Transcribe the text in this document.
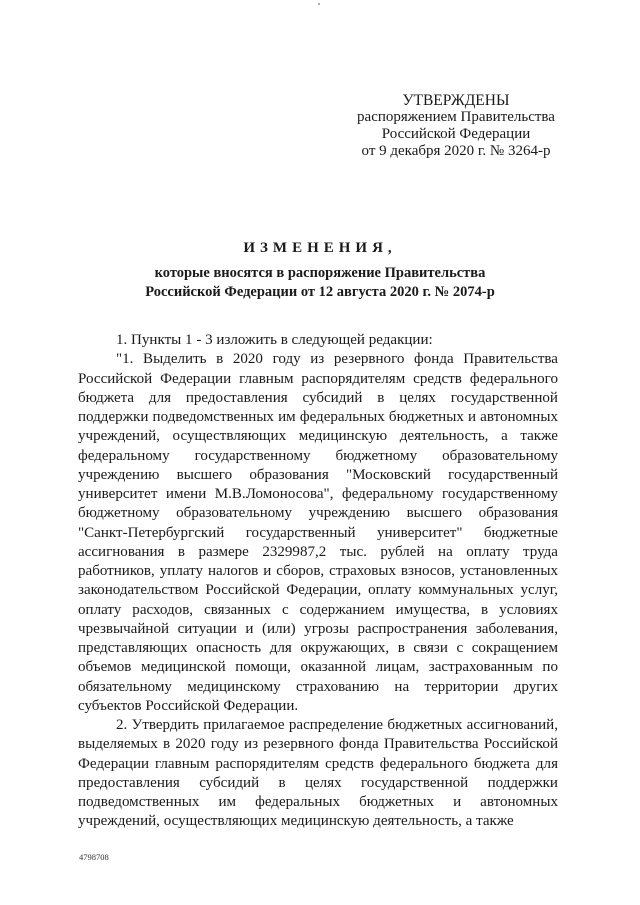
УТВЕРЖДЕНЫ
распоряжением Правительства
Российской Федерации
от 9 декабря 2020 г. № 3264-р
ИЗМЕНЕНИЯ,
которые вносятся в распоряжение Правительства
Российской Федерации от 12 августа 2020 г. № 2074-р

1. Пункты 1 - 3 изложить в следующей редакции:

"1. Выделить в 2020 году из резервного фонда Правительства Российской Федерации главным распорядителям средств федерального бюджета для предоставления субсидий в целях государственной поддержки подведомственных им федеральных бюджетных и автономных учреждений, осуществляющих медицинскую деятельность, а также федеральному государственному бюджетному образовательному учреждению высшего образования "Московский государственный университет имени М.В.Ломоносова", федеральному государственному бюджетному образовательному учреждению высшего образования "Санкт-Петербургский государственный университет" бюджетные ассигнования в размере 2329987,2 тыс. рублей на оплату труда работников, уплату налогов и сборов, страховых взносов, установленных законодательством Российской Федерации, оплату коммунальных услуг, оплату расходов, связанных с содержанием имущества, в условиях чрезвычайной ситуации и (или) угрозы распространения заболевания, представляющих опасность для окружающих, в связи с сокращением объемов медицинской помощи, оказанной лицам, застрахованным по обязательному медицинскому страхованию на территории других субъектов Российской Федерации.

2. Утвердить прилагаемое распределение бюджетных ассигнований, выделяемых в 2020 году из резервного фонда Правительства Российской Федерации главным распорядителям средств федерального бюджета для предоставления субсидий в целях государственной поддержки подведомственных им федеральных бюджетных и автономных учреждений, осуществляющих медицинскую деятельность, а также

4798708
